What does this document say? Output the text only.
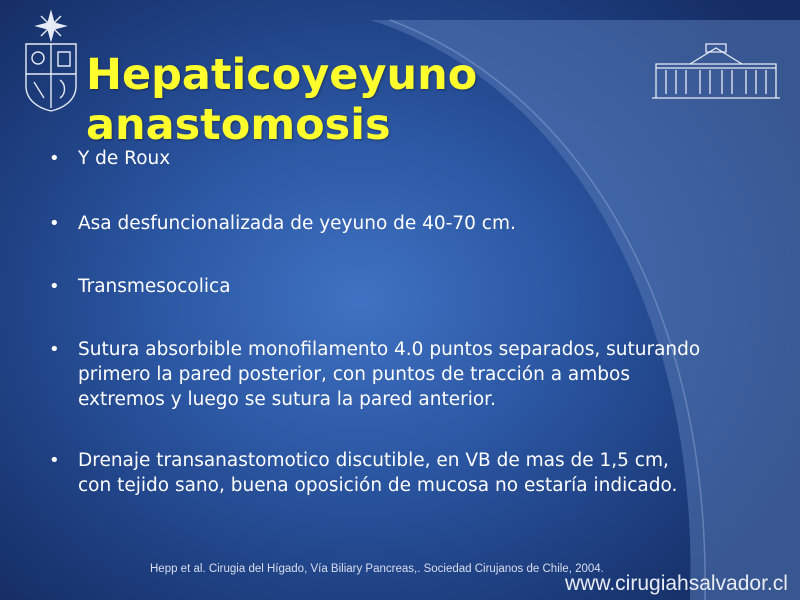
Hepaticoyeyuno anastomosis
• Y de Roux
• Asa desfuncionalizada de yeyuno de 40-70 cm.
• Transmesocolica
• Sutura absorbible monofilamento 4.0 puntos separados, suturando
primero la pared posterior, con puntos de tracción a ambos
extremos y luego se sutura la pared anterior.
• Drenaje transanastomotico discutible, en VB de mas de 1,5 cm,
con tejido sano, buena oposición de mucosa no estaría indicado.

Hepp et al. Cirugia del Hígado, Vía Biliary Pancreas,. Sociedad Cirujanos de Chile, 2004.

www.cirugiahsalvador.cl
